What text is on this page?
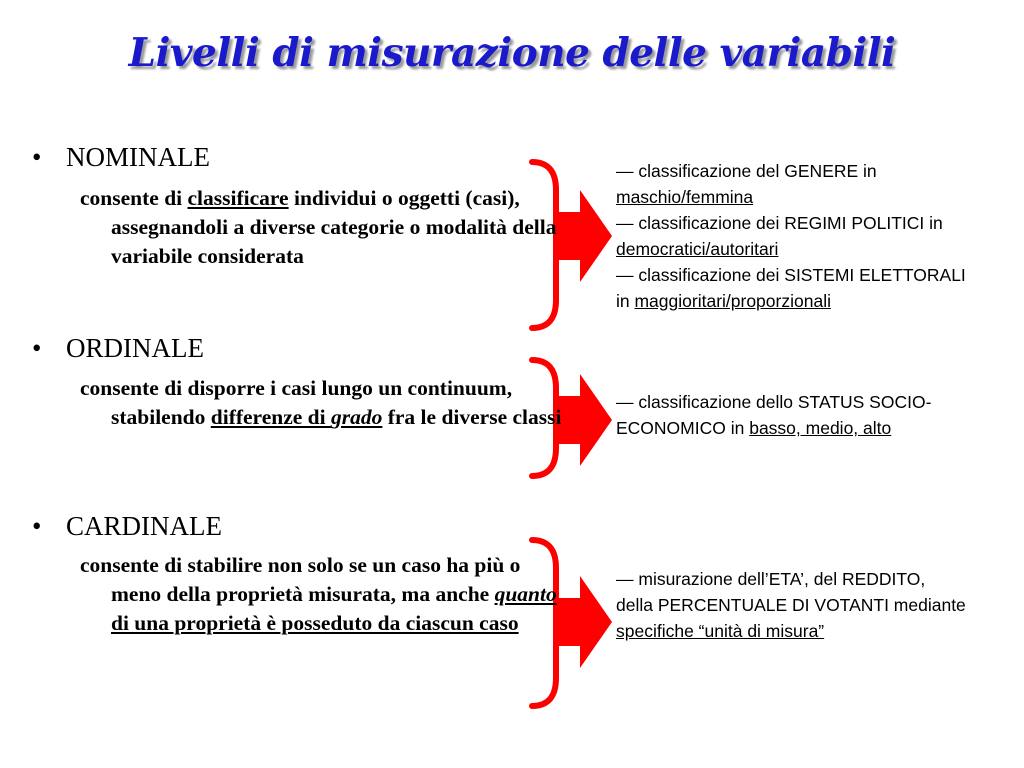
Livelli di misurazione delle variabili
• NOMINALE
consente di classificare individui o oggetti (casi), assegnandoli a diverse categorie o modalità della variabile considerata
• ORDINALE
consente di disporre i casi lungo un continuum, stabilendo differenze di grado fra le diverse classi
• CARDINALE
consente di stabilire non solo se un caso ha più o meno della proprietà misurata, ma anche quanto di una proprietà è posseduto da ciascun caso

— classificazione del GENERE in maschio/femmina

— classificazione dei REGIMI POLITICI in democratici/autoritari

— classificazione dei SISTEMI ELETTORALI in maggioritari/proporzionali

— classificazione dello STATUS SOCIO-ECONOMICO in basso, medio, alto

— misurazione dell’ETA’, del REDDITO, della PERCENTUALE DI VOTANTI mediante specifiche “unità di misura”
